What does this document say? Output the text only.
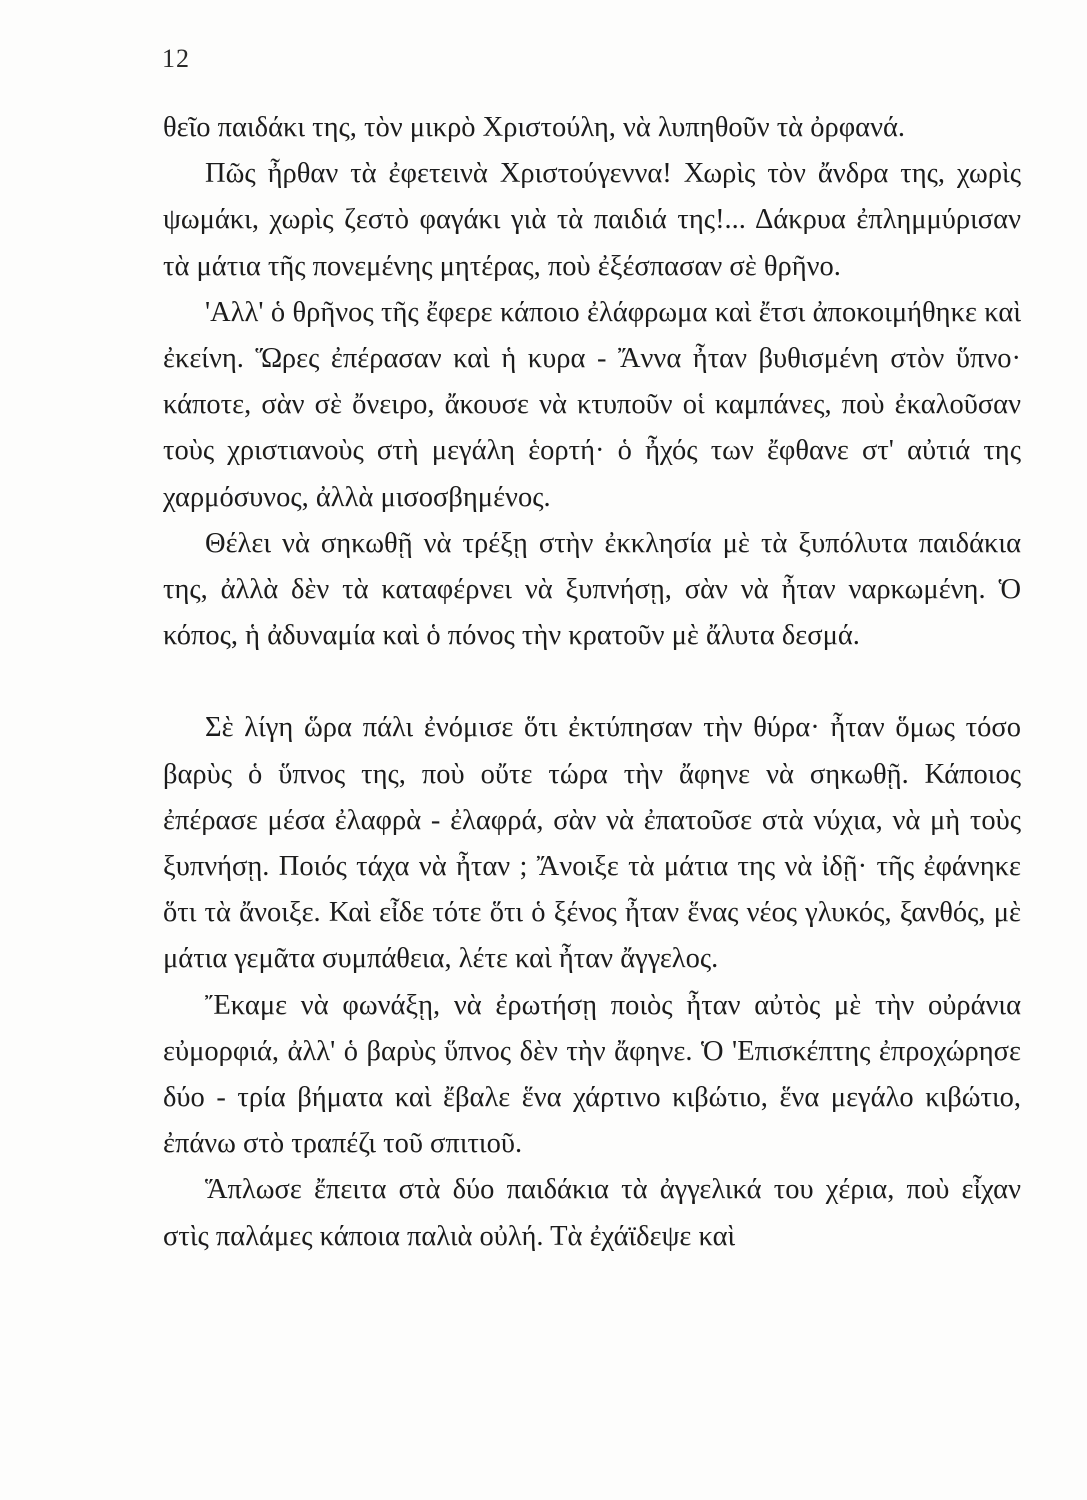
12

θεῖο παιδάκι της, τὸν μικρὸ Χριστούλη, νὰ λυπηθοῦν τὰ ὀρφανά.

Πῶς ἦρθαν τὰ ἐφετεινὰ Χριστούγεννα! Χωρὶς τὸν ἄνδρα της, χωρὶς ψωμάκι, χωρὶς ζεστὸ φαγάκι γιὰ τὰ παιδιά της!... Δάκρυα ἐπλημμύρισαν τὰ μάτια τῆς πονεμένης μητέρας, ποὺ ἐξέσπασαν σὲ θρῆνο.

'Αλλ' ὁ θρῆνος τῆς ἔφερε κάποιο ἐλάφρωμα καὶ ἔτσι ἀποκοιμήθηκε καὶ ἐκείνη. Ὥρες ἐπέρασαν καὶ ἡ κυρα - Ἄννα ἦταν βυθισμένη στὸν ὕπνο· κάποτε, σὰν σὲ ὄνειρο, ἄκουσε νὰ κτυποῦν οἱ καμπάνες, ποὺ ἐκαλοῦσαν τοὺς χριστιανοὺς στὴ μεγάλη ἑορτή· ὁ ἦχός των ἔφθανε στ' αὐτιά της χαρμόσυνος, ἀλλὰ μισοσβημένος.

Θέλει νὰ σηκωθῇ νὰ τρέξῃ στὴν ἐκκλησία μὲ τὰ ξυπόλυτα παιδάκια της, ἀλλὰ δὲν τὰ καταφέρνει νὰ ξυπνήσῃ, σὰν νὰ ἦταν ναρκωμένη. Ὁ κόπος, ἡ ἀδυναμία καὶ ὁ πόνος τὴν κρατοῦν μὲ ἄλυτα δεσμά.

Σὲ λίγη ὥρα πάλι ἐνόμισε ὅτι ἐκτύπησαν τὴν θύρα· ἦταν ὅμως τόσο βαρὺς ὁ ὕπνος της, ποὺ οὔτε τώρα τὴν ἄφηνε νὰ σηκωθῇ. Κάποιος ἐπέρασε μέσα ἐλαφρὰ - ἐλαφρά, σὰν νὰ ἐπατοῦσε στὰ νύχια, νὰ μὴ τοὺς ξυπνήσῃ. Ποιός τάχα νὰ ἦταν ; Ἄνοιξε τὰ μάτια της νὰ ἰδῇ· τῆς ἐφάνηκε ὅτι τὰ ἄνοιξε. Καὶ εἶδε τότε ὅτι ὁ ξένος ἦταν ἕνας νέος γλυκός, ξανθός, μὲ μάτια γεμᾶτα συμπάθεια, λέτε καὶ ἦταν ἄγγελος.

Ἔκαμε νὰ φωνάξῃ, νὰ ἐρωτήσῃ ποιὸς ἦταν αὐτὸς μὲ τὴν οὐράνια εὐμορφιά, ἀλλ' ὁ βαρὺς ὕπνος δὲν τὴν ἄφηνε. Ὁ 'Επισκέπτης ἐπροχώρησε δύο - τρία βήματα καὶ ἔβαλε ἕνα χάρτινο κιβώτιο, ἕνα μεγάλο κιβώτιο, ἐπάνω στὸ τραπέζι τοῦ σπιτιοῦ.

Ἅπλωσε ἔπειτα στὰ δύο παιδάκια τὰ ἀγγελικά του χέρια, ποὺ εἶχαν στὶς παλάμες κάποια παλιὰ οὐλή. Τὰ ἐχάϊδεψε καὶ
